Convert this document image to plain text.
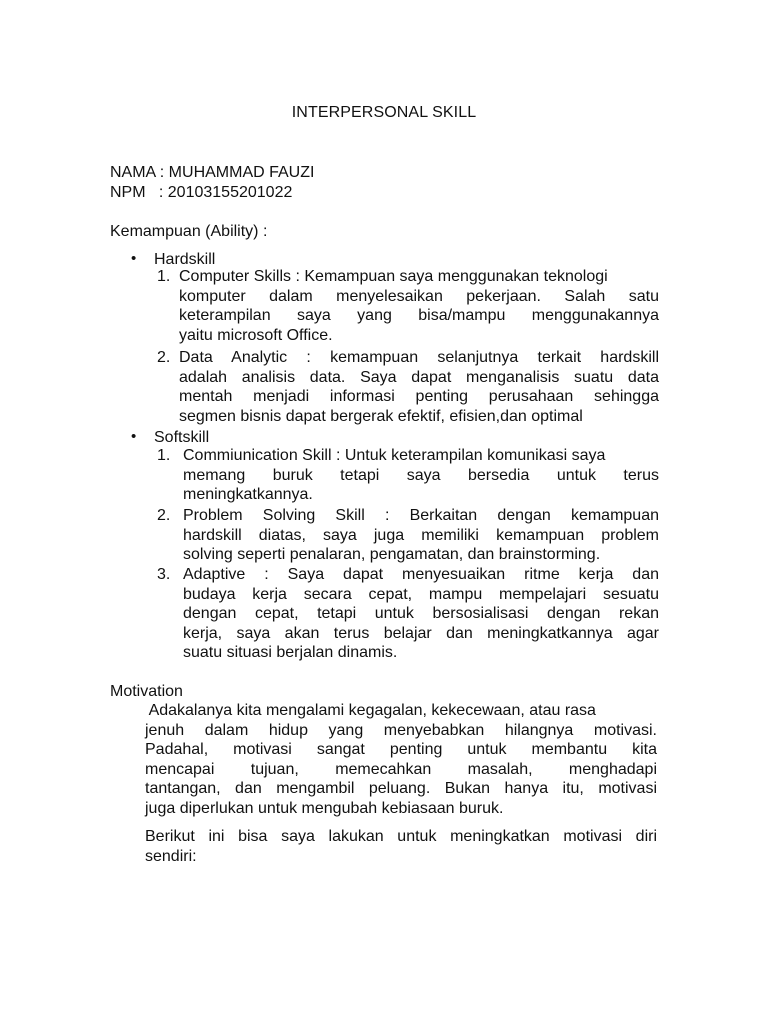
INTERPERSONAL SKILL
NAMA : MUHAMMAD FAUZI
NPM   : 20103155201022
Kemampuan (Ability) :
• Hardskill
1. Computer Skills : Kemampuan saya menggunakan teknologi
komputer dalam menyelesaikan pekerjaan. Salah satu
keterampilan saya yang bisa/mampu menggunakannya
yaitu microsoft Office.
2. Data Analytic : kemampuan selanjutnya terkait hardskill
adalah analisis data. Saya dapat menganalisis suatu data
mentah menjadi informasi penting perusahaan sehingga
segmen bisnis dapat bergerak efektif, efisien,dan optimal
• Softskill
1. Commiunication Skill : Untuk keterampilan komunikasi saya
memang buruk tetapi saya bersedia untuk terus
meningkatkannya.
2. Problem Solving Skill : Berkaitan dengan kemampuan
hardskill diatas, saya juga memiliki kemampuan problem
solving seperti penalaran, pengamatan, dan brainstorming.
3. Adaptive : Saya dapat menyesuaikan ritme kerja dan
budaya kerja secara cepat, mampu mempelajari sesuatu
dengan cepat, tetapi untuk bersosialisasi dengan rekan
kerja, saya akan terus belajar dan meningkatkannya agar
suatu situasi berjalan dinamis.
Motivation
Adakalanya kita mengalami kegagalan, kekecewaan, atau rasa
jenuh dalam hidup yang menyebabkan hilangnya motivasi.
Padahal, motivasi sangat penting untuk membantu kita
mencapai tujuan, memecahkan masalah, menghadapi
tantangan, dan mengambil peluang. Bukan hanya itu, motivasi
juga diperlukan untuk mengubah kebiasaan buruk.
Berikut ini bisa saya lakukan untuk meningkatkan motivasi diri
sendiri:
